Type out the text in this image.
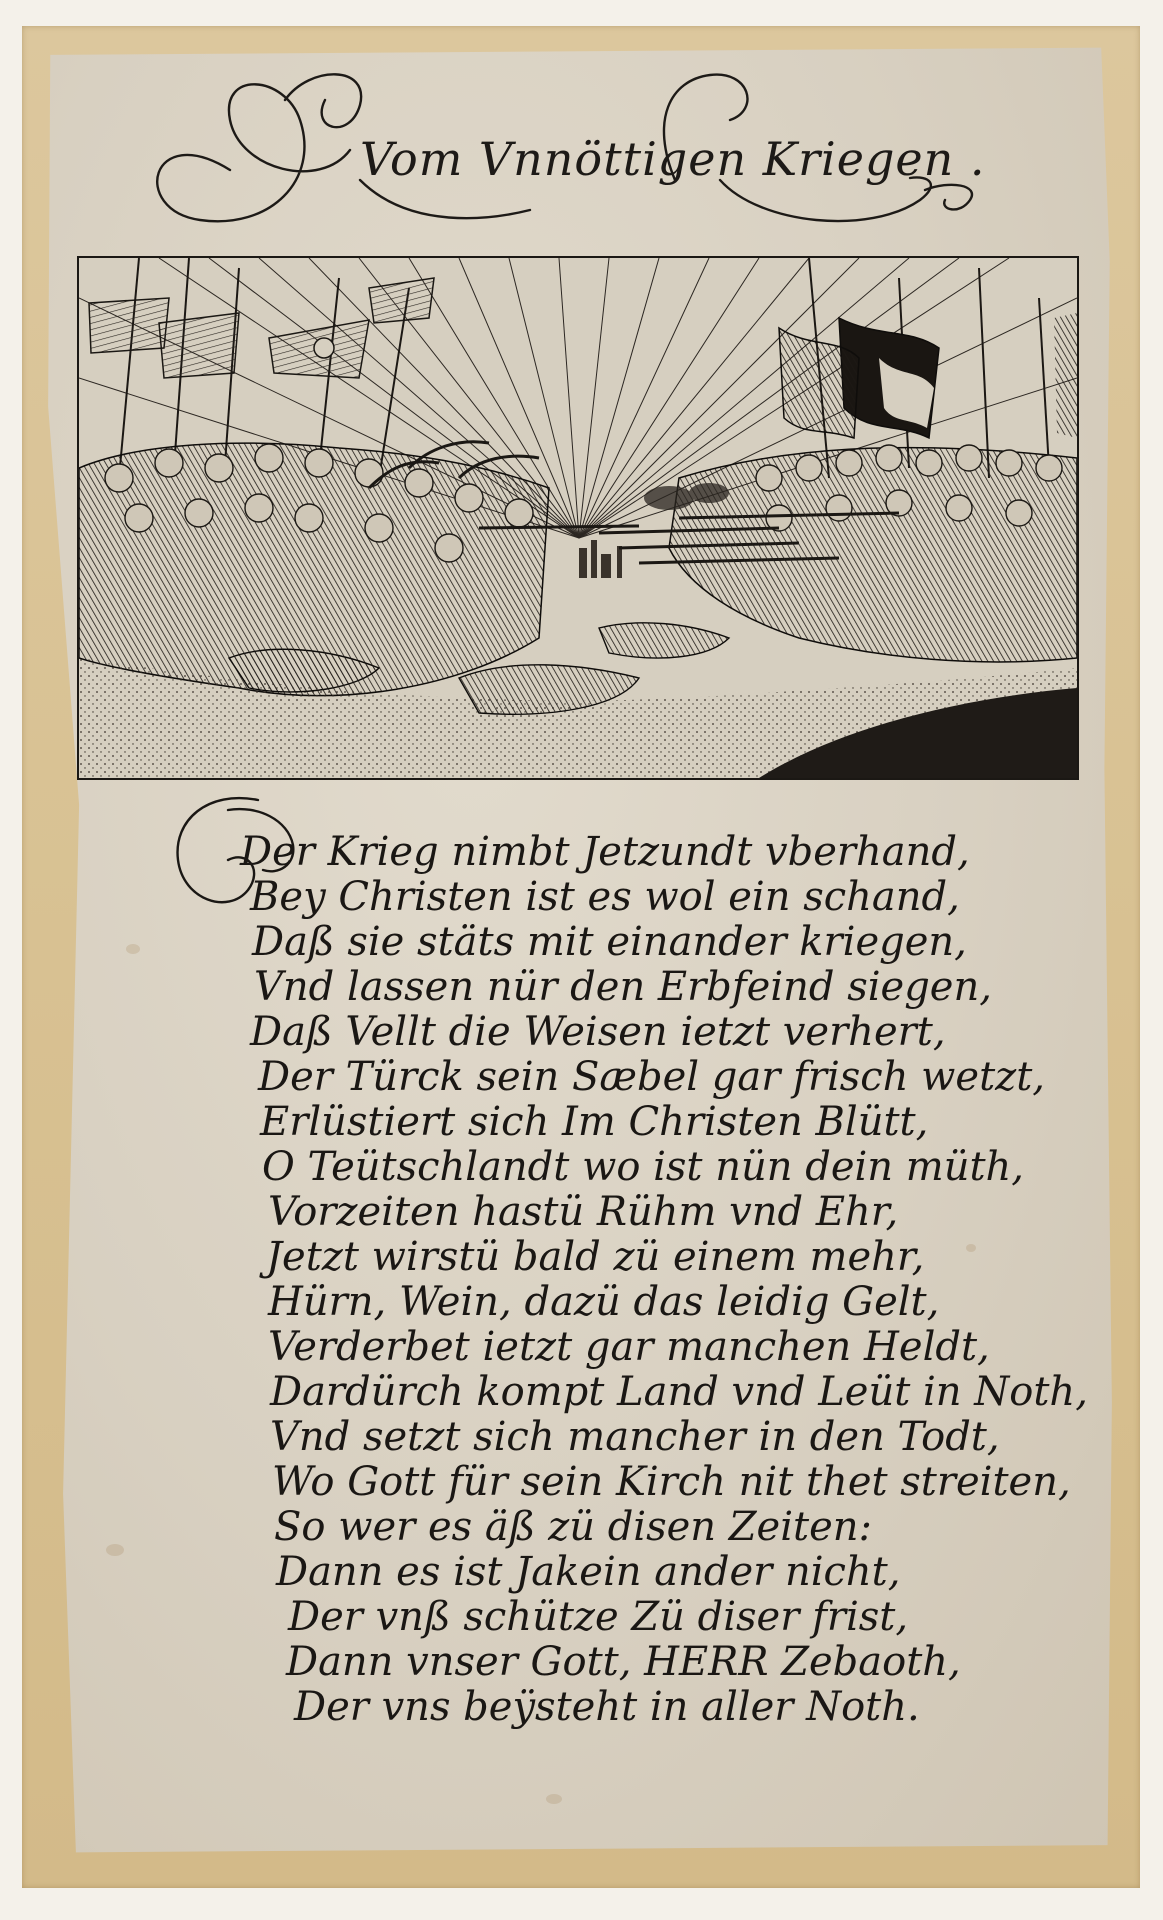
Vom Vnnöttigen Kriegen .
Der Krieg nimbt Jetzundt vberhand,
Bey Christen ist es wol ein schand,
Daß sie stäts mit einander kriegen,
Vnd lassen nür den Erbfeind siegen,
Daß Vellt die Weisen ietzt verhert,
Der Türck sein Sæbel gar frisch wetzt,
Erlüstiert sich Im Christen Blütt,
O Teütschlandt wo ist nün dein müth,
Vorzeiten hastü Rühm vnd Ehr,
Jetzt wirstü bald zü einem mehr,
Hürn, Wein, dazü das leidig Gelt,
Verderbet ietzt gar manchen Heldt,
Dardürch kompt Land vnd Leüt in Noth,
Vnd setzt sich mancher in den Todt,
Wo Gott für sein Kirch nit thet streiten,
So wer es äß zü disen Zeiten:
Dann es ist Jakein ander nicht,
Der vnß schütze Zü diser frist,
Dann vnser Gott, HERR Zebaoth,
Der vns beÿsteht in aller Noth.
